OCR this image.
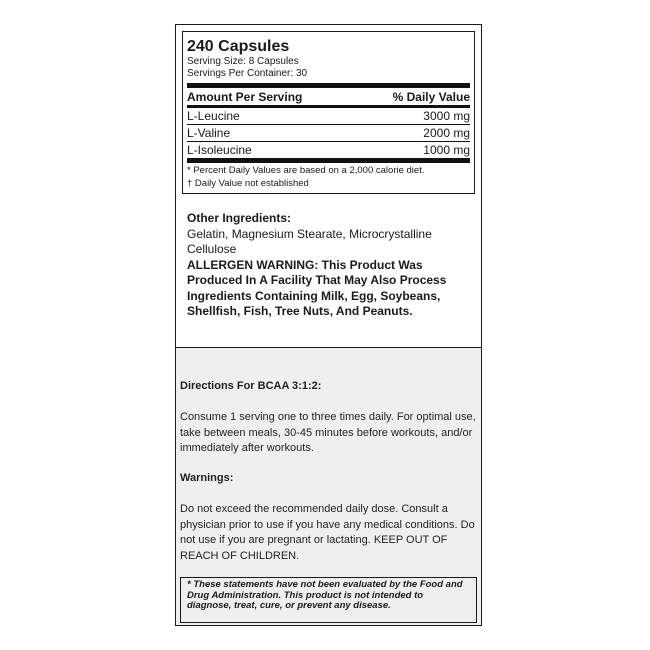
240 Capsules
Serving Size: 8 Capsules
Servings Per Container: 30
Amount Per Serving	% Daily Value
L-Leucine	3000 mg
L-Valine	2000 mg
L-Isoleucine	1000 mg
* Percent Daily Values are based on a 2,000 calorie diet.
† Daily Value not established
Other Ingredients:
Gelatin, Magnesium Stearate, Microcrystalline Cellulose
ALLERGEN WARNING: This Product Was Produced In A Facility That May Also Process Ingredients Containing Milk, Egg, Soybeans, Shellfish, Fish, Tree Nuts, And Peanuts.
Directions For BCAA 3:1:2:
Consume 1 serving one to three times daily. For optimal use, take between meals, 30-45 minutes before workouts, and/or immediately after workouts.
Warnings:
Do not exceed the recommended daily dose. Consult a physician prior to use if you have any medical conditions. Do not use if you are pregnant or lactating. KEEP OUT OF REACH OF CHILDREN.
* These statements have not been evaluated by the Food and Drug Administration. This product is not intended to diagnose, treat, cure, or prevent any disease.
